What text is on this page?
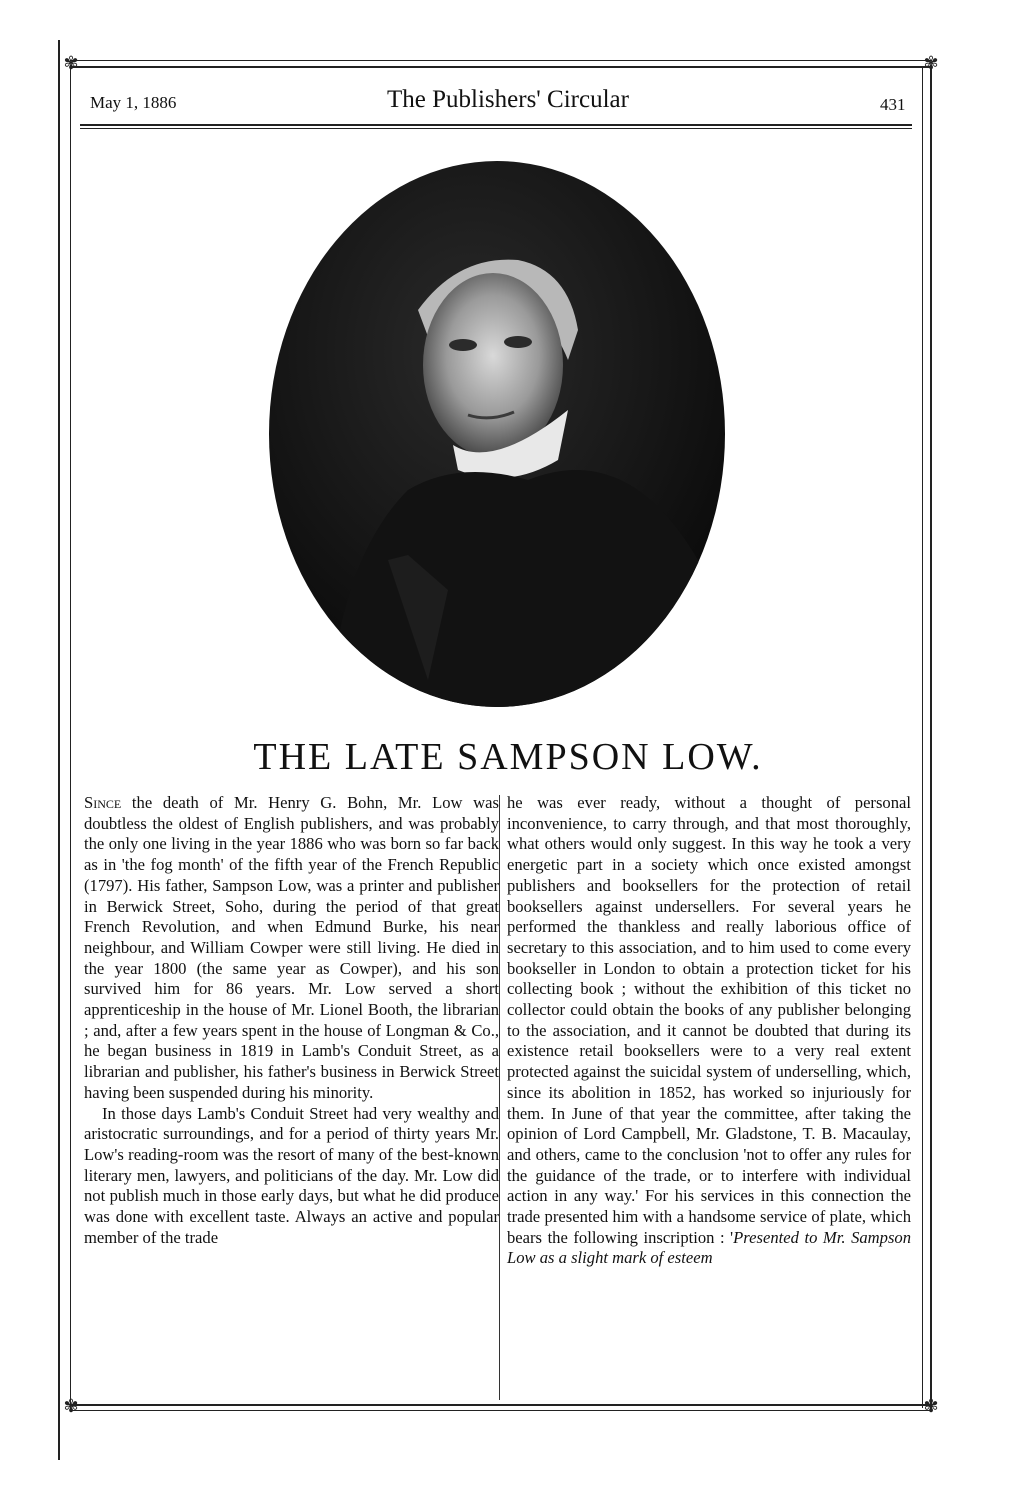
✾	✾
✾	✾
May 1, 1886	The Publishers' Circular	431
THE LATE SAMPSON LOW.

Since the death of Mr. Henry G. Bohn, Mr. Low was doubtless the oldest of English publishers, and was probably the only one living in the year 1886 who was born so far back as in 'the fog month' of the fifth year of the French Republic (1797). His father, Sampson Low, was a printer and publisher in Berwick Street, Soho, during the period of that great French Revolution, and when Edmund Burke, his near neighbour, and William Cowper were still living. He died in the year 1800 (the same year as Cowper), and his son survived him for 86 years. Mr. Low served a short apprenticeship in the house of Mr. Lionel Booth, the librarian ; and, after a few years spent in the house of Longman & Co., he began business in 1819 in Lamb's Conduit Street, as a librarian and publisher, his father's business in Berwick Street having been suspended during his minority.

In those days Lamb's Conduit Street had very wealthy and aristocratic surroundings, and for a period of thirty years Mr. Low's reading-room was the resort of many of the best-known literary men, lawyers, and politicians of the day. Mr. Low did not publish much in those early days, but what he did produce was done with excellent taste. Always an active and popular member of the trade

he was ever ready, without a thought of personal inconvenience, to carry through, and that most thoroughly, what others would only suggest. In this way he took a very energetic part in a society which once existed amongst publishers and booksellers for the protection of retail booksellers against undersellers. For several years he performed the thankless and really laborious office of secretary to this association, and to him used to come every bookseller in London to obtain a protection ticket for his collecting book ; without the exhibition of this ticket no collector could obtain the books of any publisher belonging to the association, and it cannot be doubted that during its existence retail booksellers were to a very real extent protected against the suicidal system of underselling, which, since its abolition in 1852, has worked so injuriously for them. In June of that year the committee, after taking the opinion of Lord Campbell, Mr. Gladstone, T. B. Macaulay, and others, came to the conclusion 'not to offer any rules for the guidance of the trade, or to interfere with individual action in any way.' For his services in this connection the trade presented him with a handsome service of plate, which bears the following inscription : 'Presented to Mr. Sampson Low as a slight mark of esteem
